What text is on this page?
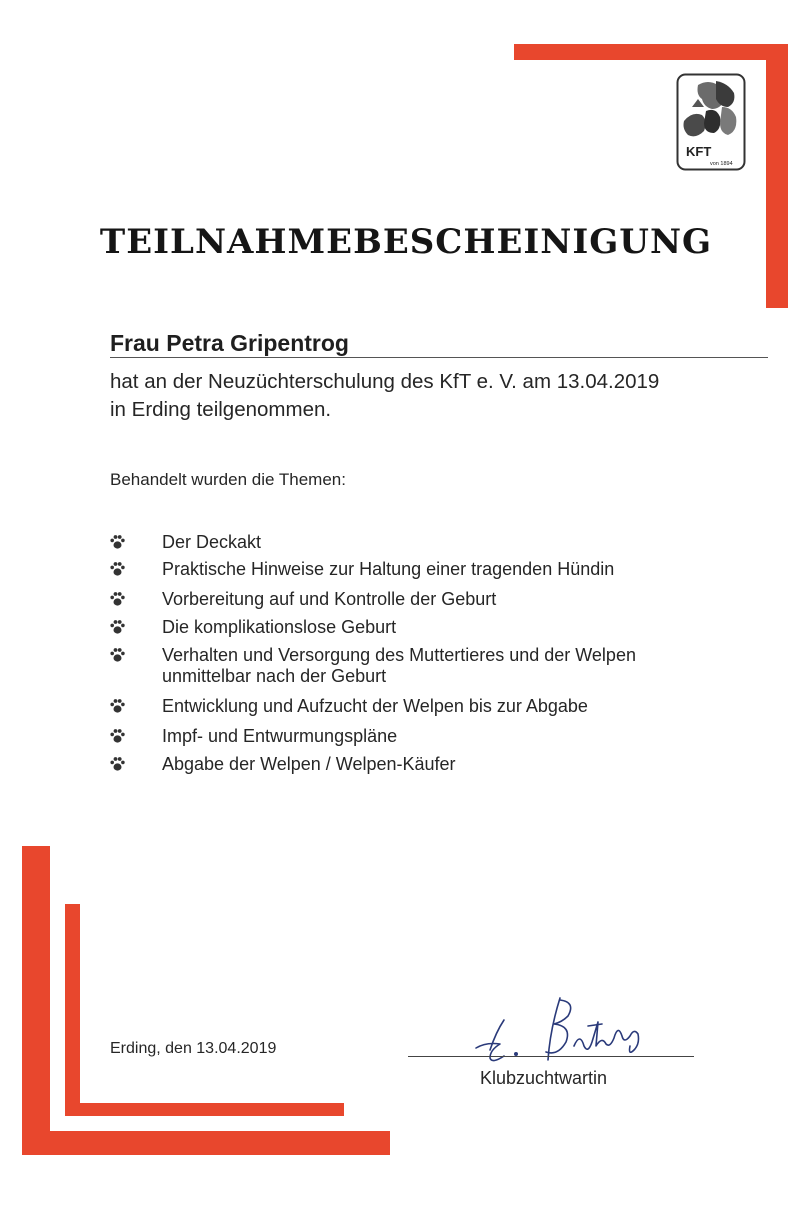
KFT
von 1894
TEILNAHMEBESCHEINIGUNG
Frau Petra Gripentrog
hat an der Neuzüchterschulung des KfT e. V. am 13.04.2019
in Erding teilgenommen.
Behandelt wurden die Themen:
Der Deckakt
Praktische Hinweise zur Haltung einer tragenden Hündin
Vorbereitung auf und Kontrolle der Geburt
Die komplikationslose Geburt
Verhalten und Versorgung des Muttertieres und der Welpen
unmittelbar nach der Geburt
Entwicklung und Aufzucht der Welpen bis zur Abgabe
Impf- und Entwurmungspläne
Abgabe der Welpen / Welpen-Käufer
Erding, den 13.04.2019
Klubzuchtwartin
